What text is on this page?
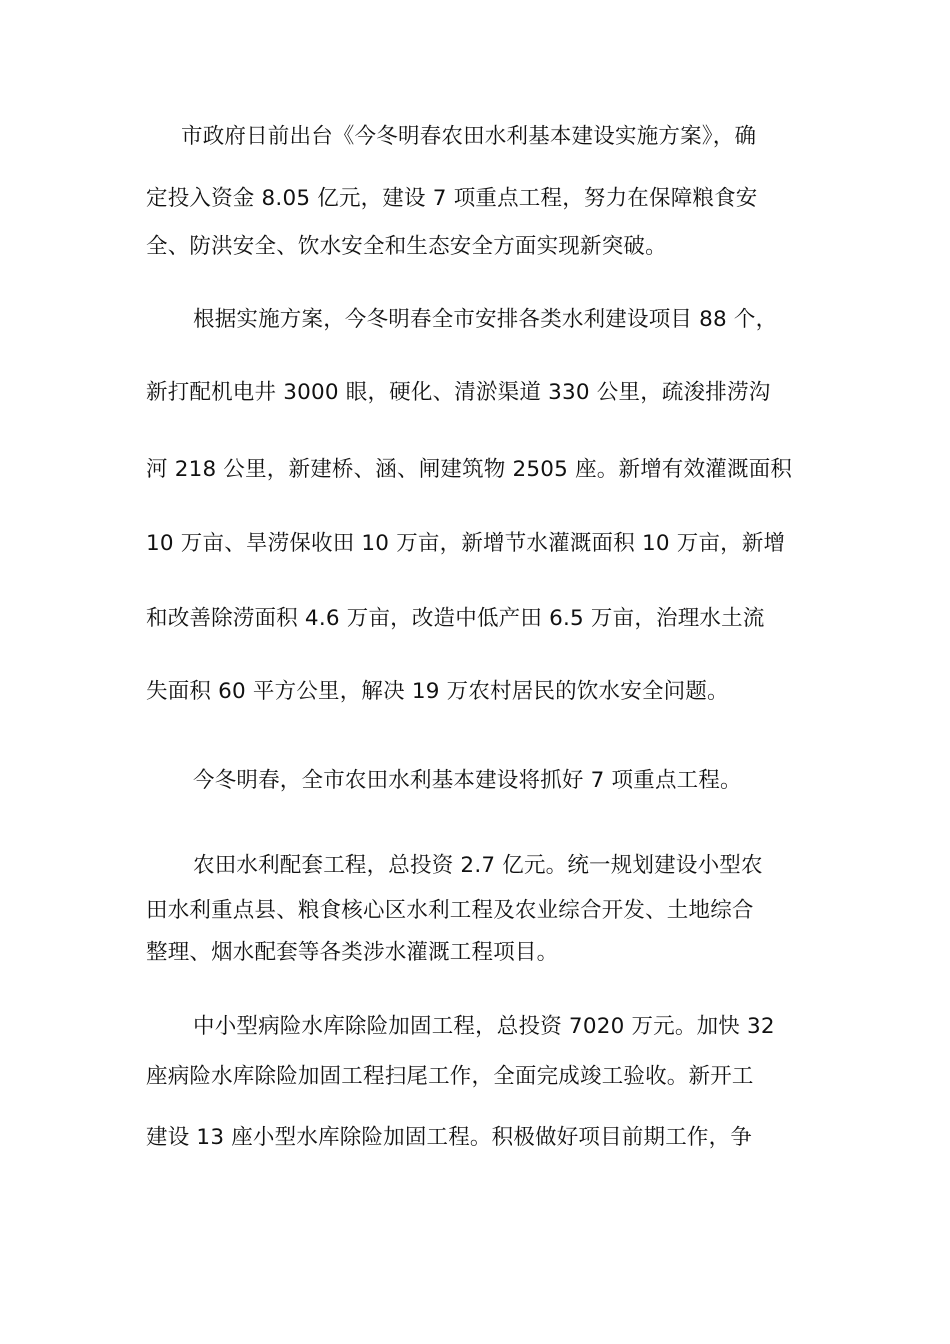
市政府日前出台《今冬明春农田水利基本建设实施方案》，确
定投入资金 8.05 亿元，建设 7 项重点工程，努力在保障粮食安
全、防洪安全、饮水安全和生态安全方面实现新突破。
根据实施方案，今冬明春全市安排各类水利建设项目 88 个，
新打配机电井 3000 眼，硬化、清淤渠道 330 公里，疏浚排涝沟
河 218 公里，新建桥、涵、闸建筑物 2505 座。新增有效灌溉面积
10 万亩、旱涝保收田 10 万亩，新增节水灌溉面积 10 万亩，新增
和改善除涝面积 4.6 万亩，改造中低产田 6.5 万亩，治理水土流
失面积 60 平方公里，解决 19 万农村居民的饮水安全问题。
今冬明春，全市农田水利基本建设将抓好 7 项重点工程。
农田水利配套工程，总投资 2.7 亿元。统一规划建设小型农
田水利重点县、粮食核心区水利工程及农业综合开发、土地综合
整理、烟水配套等各类涉水灌溉工程项目。
中小型病险水库除险加固工程，总投资 7020 万元。加快 32
座病险水库除险加固工程扫尾工作，全面完成竣工验收。新开工
建设 13 座小型水库除险加固工程。积极做好项目前期工作，争
